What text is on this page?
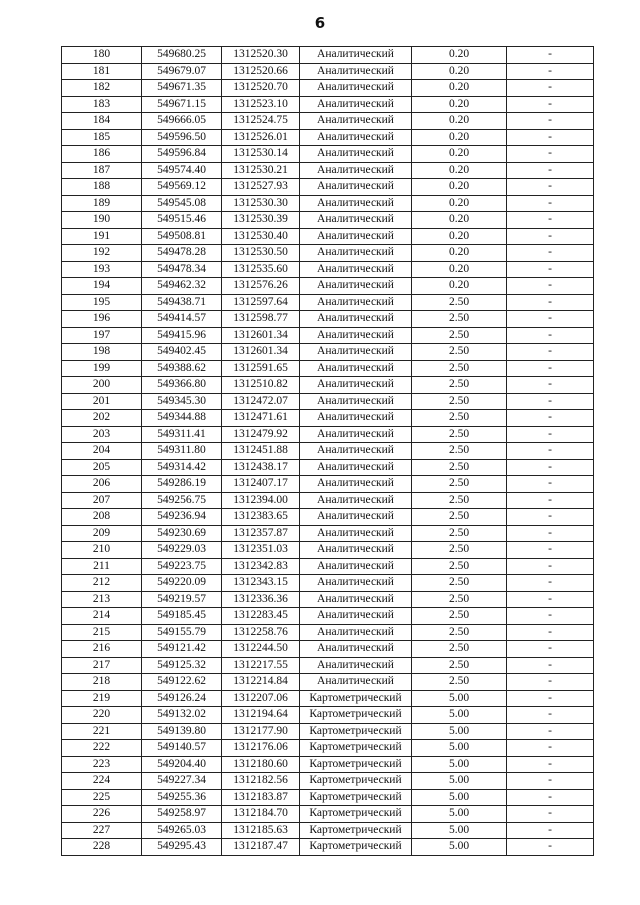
6
180	549680.25	1312520.30	Аналитический	0.20	-
181	549679.07	1312520.66	Аналитический	0.20	-
182	549671.35	1312520.70	Аналитический	0.20	-
183	549671.15	1312523.10	Аналитический	0.20	-
184	549666.05	1312524.75	Аналитический	0.20	-
185	549596.50	1312526.01	Аналитический	0.20	-
186	549596.84	1312530.14	Аналитический	0.20	-
187	549574.40	1312530.21	Аналитический	0.20	-
188	549569.12	1312527.93	Аналитический	0.20	-
189	549545.08	1312530.30	Аналитический	0.20	-
190	549515.46	1312530.39	Аналитический	0.20	-
191	549508.81	1312530.40	Аналитический	0.20	-
192	549478.28	1312530.50	Аналитический	0.20	-
193	549478.34	1312535.60	Аналитический	0.20	-
194	549462.32	1312576.26	Аналитический	0.20	-
195	549438.71	1312597.64	Аналитический	2.50	-
196	549414.57	1312598.77	Аналитический	2.50	-
197	549415.96	1312601.34	Аналитический	2.50	-
198	549402.45	1312601.34	Аналитический	2.50	-
199	549388.62	1312591.65	Аналитический	2.50	-
200	549366.80	1312510.82	Аналитический	2.50	-
201	549345.30	1312472.07	Аналитический	2.50	-
202	549344.88	1312471.61	Аналитический	2.50	-
203	549311.41	1312479.92	Аналитический	2.50	-
204	549311.80	1312451.88	Аналитический	2.50	-
205	549314.42	1312438.17	Аналитический	2.50	-
206	549286.19	1312407.17	Аналитический	2.50	-
207	549256.75	1312394.00	Аналитический	2.50	-
208	549236.94	1312383.65	Аналитический	2.50	-
209	549230.69	1312357.87	Аналитический	2.50	-
210	549229.03	1312351.03	Аналитический	2.50	-
211	549223.75	1312342.83	Аналитический	2.50	-
212	549220.09	1312343.15	Аналитический	2.50	-
213	549219.57	1312336.36	Аналитический	2.50	-
214	549185.45	1312283.45	Аналитический	2.50	-
215	549155.79	1312258.76	Аналитический	2.50	-
216	549121.42	1312244.50	Аналитический	2.50	-
217	549125.32	1312217.55	Аналитический	2.50	-
218	549122.62	1312214.84	Аналитический	2.50	-
219	549126.24	1312207.06	Картометрический	5.00	-
220	549132.02	1312194.64	Картометрический	5.00	-
221	549139.80	1312177.90	Картометрический	5.00	-
222	549140.57	1312176.06	Картометрический	5.00	-
223	549204.40	1312180.60	Картометрический	5.00	-
224	549227.34	1312182.56	Картометрический	5.00	-
225	549255.36	1312183.87	Картометрический	5.00	-
226	549258.97	1312184.70	Картометрический	5.00	-
227	549265.03	1312185.63	Картометрический	5.00	-
228	549295.43	1312187.47	Картометрический	5.00	-
